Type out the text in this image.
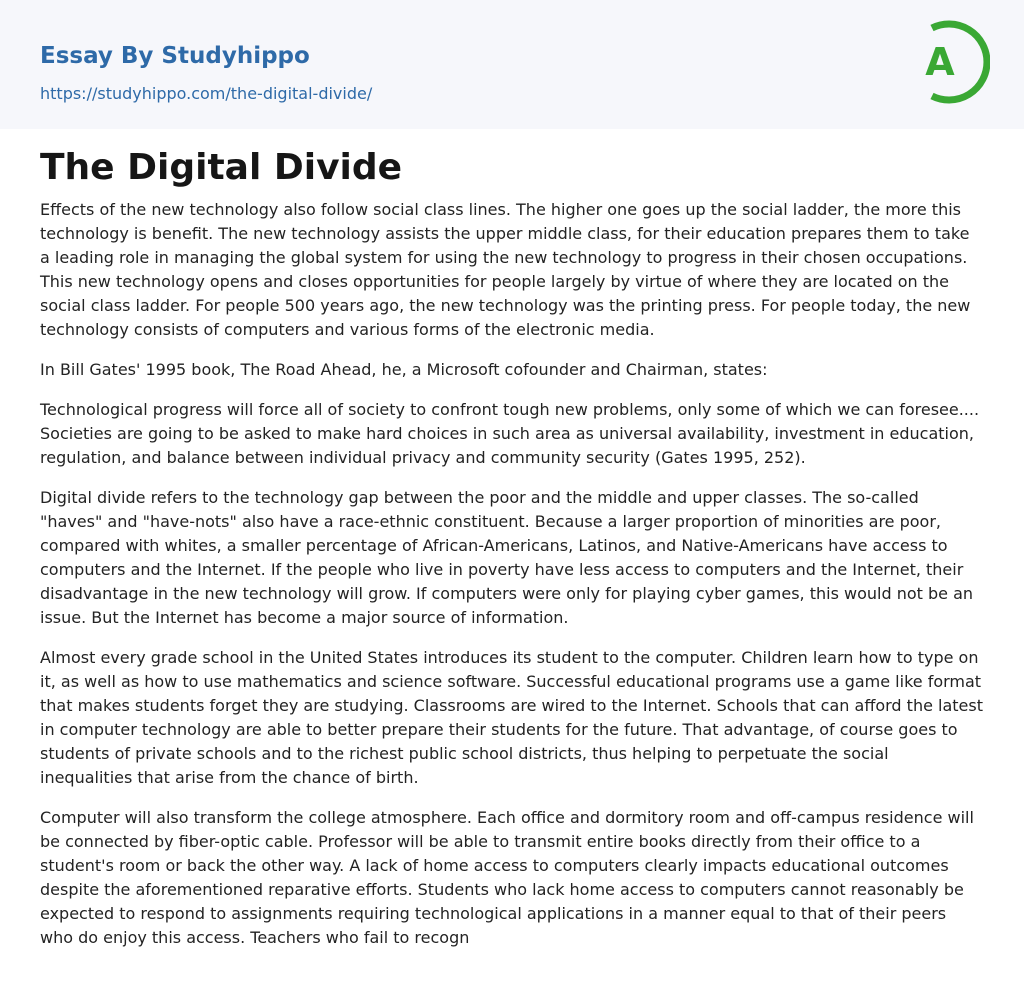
Essay By Studyhippo
https://studyhippo.com/the-digital-divide/
A
The Digital Divide

Effects of the new technology also follow social class lines. The higher one goes up the social ladder, the more this technology is benefit. The new technology assists the upper middle class, for their education prepares them to take a leading role in managing the global system for using the new technology to progress in their chosen occupations. This new technology opens and closes opportunities for people largely by virtue of where they are located on the social class ladder. For people 500 years ago, the new technology was the printing press. For people today, the new technology consists of computers and various forms of the electronic media.

In Bill Gates' 1995 book, The Road Ahead, he, a Microsoft cofounder and Chairman, states:

Technological progress will force all of society to confront tough new problems, only some of which we can foresee.... Societies are going to be asked to make hard choices in such area as universal availability, investment in education, regulation, and balance between individual privacy and community security (Gates 1995, 252).

Digital divide refers to the technology gap between the poor and the middle and upper classes. The so-called "haves" and "have-nots" also have a race-ethnic constituent. Because a larger proportion of minorities are poor, compared with whites, a smaller percentage of African-Americans, Latinos, and Native-Americans have access to computers and the Internet. If the people who live in poverty have less access to computers and the Internet, their disadvantage in the new technology will grow. If computers were only for playing cyber games, this would not be an issue. But the Internet has become a major source of information.

Almost every grade school in the United States introduces its student to the computer. Children learn how to type on it, as well as how to use mathematics and science software. Successful educational programs use a game like format that makes students forget they are studying. Classrooms are wired to the Internet. Schools that can afford the latest in computer technology are able to better prepare their students for the future. That advantage, of course goes to students of private schools and to the richest public school districts, thus helping to perpetuate the social inequalities that arise from the chance of birth.

Computer will also transform the college atmosphere. Each office and dormitory room and off-campus residence will be connected by fiber-optic cable. Professor will be able to transmit entire books directly from their office to a student's room or back the other way. A lack of home access to computers clearly impacts educational outcomes despite the aforementioned reparative efforts. Students who lack home access to computers cannot reasonably be expected to respond to assignments requiring technological applications in a manner equal to that of their peers who do enjoy this access. Teachers who fail to recogn
